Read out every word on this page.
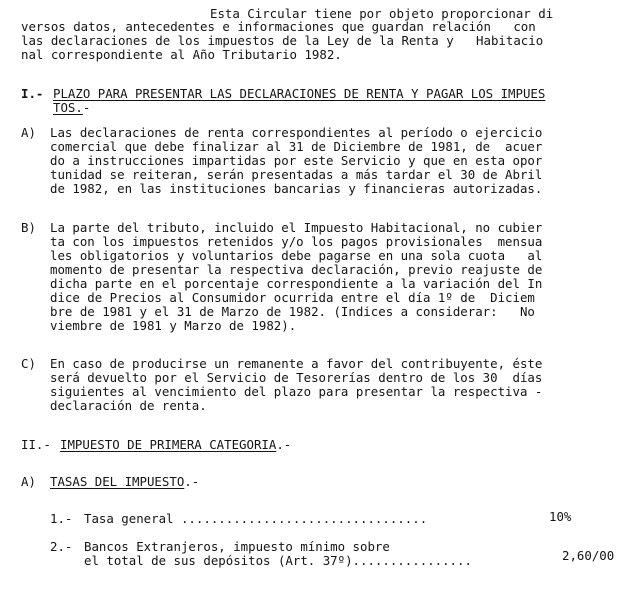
Esta Circular tiene por objeto proporcionar di
versos datos, antecedentes e informaciones que guardan relación   con
las declaraciones de los impuestos de la Ley de la Renta y   Habitacio
nal correspondiente al Año Tributario 1982.
I.- PLAZO PARA PRESENTAR LAS DECLARACIONES DE RENTA Y PAGAR LOS IMPUES
TOS.-
A) Las declaraciones de renta correspondientes al período o ejercicio
comercial que debe finalizar al 31 de Diciembre de 1981, de  acuer
do a instrucciones impartidas por este Servicio y que en esta opor
tunidad se reiteran, serán presentadas a más tardar el 30 de Abril
de 1982, en las instituciones bancarias y financieras autorizadas.
B) La parte del tributo, incluido el Impuesto Habitacional, no cubier
ta con los impuestos retenidos y/o los pagos provisionales  mensua
les obligatorios y voluntarios debe pagarse en una sola cuota   al
momento de presentar la respectiva declaración, previo reajuste de
dicha parte en el porcentaje correspondiente a la variación del In
dice de Precios al Consumidor ocurrida entre el día 1º de  Diciem
bre de 1981 y el 31 de Marzo de 1982. (Indices a considerar:   No
viembre de 1981 y Marzo de 1982).
C) En caso de producirse un remanente a favor del contribuyente, éste
será devuelto por el Servicio de Tesorerías dentro de los 30  días
siguientes al vencimiento del plazo para presentar la respectiva -
declaración de renta.
II.- IMPUESTO DE PRIMERA CATEGORIA.-
A) TASAS DEL IMPUESTO.-
1.- Tasa general .................................	10%
2.- Bancos Extranjeros, impuesto mínimo sobre
el total de sus depósitos (Art. 37º)................	2,60/00
